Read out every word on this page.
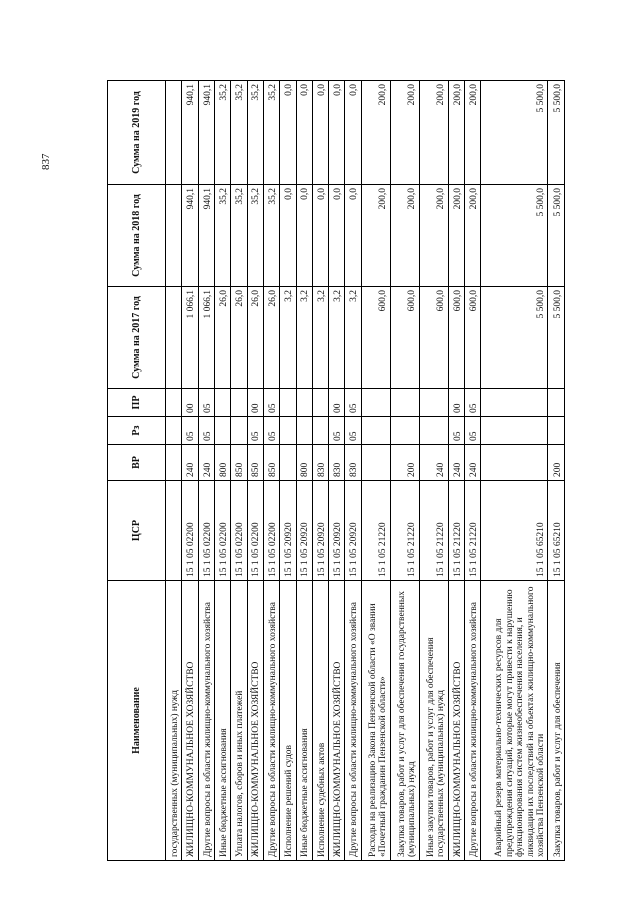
837
Наименование	ЦСР	ВР	Рз	ПР	Сумма на 2017 год	Сумма на 2018 год	Сумма на 2019 год
государственных (муниципальных) нужд							
ЖИЛИЩНО-КОММУНАЛЬНОЕ ХОЗЯЙСТВО	15 1 05 02200	240	05	00	1 066,1	940,1	940,1
Другие вопросы в области жилищно-коммунального хозяйства	15 1 05 02200	240	05	05	1 066,1	940,1	940,1
Иные бюджетные ассигнования	15 1 05 02200	800			26,0	35,2	35,2
Уплата налогов, сборов и иных платежей	15 1 05 02200	850			26,0	35,2	35,2
ЖИЛИЩНО-КОММУНАЛЬНОЕ ХОЗЯЙСТВО	15 1 05 02200	850	05	00	26,0	35,2	35,2
Другие вопросы в области жилищно-коммунального хозяйства	15 1 05 02200	850	05	05	26,0	35,2	35,2
Исполнение решений судов	15 1 05 20920				3,2	0,0	0,0
Иные бюджетные ассигнования	15 1 05 20920	800			3,2	0,0	0,0
Исполнение судебных актов	15 1 05 20920	830			3,2	0,0	0,0
ЖИЛИЩНО-КОММУНАЛЬНОЕ ХОЗЯЙСТВО	15 1 05 20920	830	05	00	3,2	0,0	0,0
Другие вопросы в области жилищно-коммунального хозяйства	15 1 05 20920	830	05	05	3,2	0,0	0,0
Расходы на реализацию Закона Пензенской области «О звании «Почетный гражданин Пензенской области»	15 1 05 21220				600,0	200,0	200,0
Закупка товаров, работ и услуг для обеспечения государственных (муниципальных) нужд	15 1 05 21220	200			600,0	200,0	200,0
Иные закупки товаров, работ и услуг для обеспечения государственных (муниципальных) нужд	15 1 05 21220	240			600,0	200,0	200,0
ЖИЛИЩНО-КОММУНАЛЬНОЕ ХОЗЯЙСТВО	15 1 05 21220	240	05	00	600,0	200,0	200,0
Другие вопросы в области жилищно-коммунального хозяйства	15 1 05 21220	240	05	05	600,0	200,0	200,0
Аварийный резерв материально-технических ресурсов для предупреждения ситуаций, которые могут привести к нарушению функционирования систем жизнеобеспечения населения, и ликвидации их последствий на объектах жилищно-коммунального хозяйства Пензенской области	15 1 05 65210				5 500,0	5 500,0	5 500,0
Закупка товаров, работ и услуг для обеспечения	15 1 05 65210	200			5 500,0	5 500,0	5 500,0
